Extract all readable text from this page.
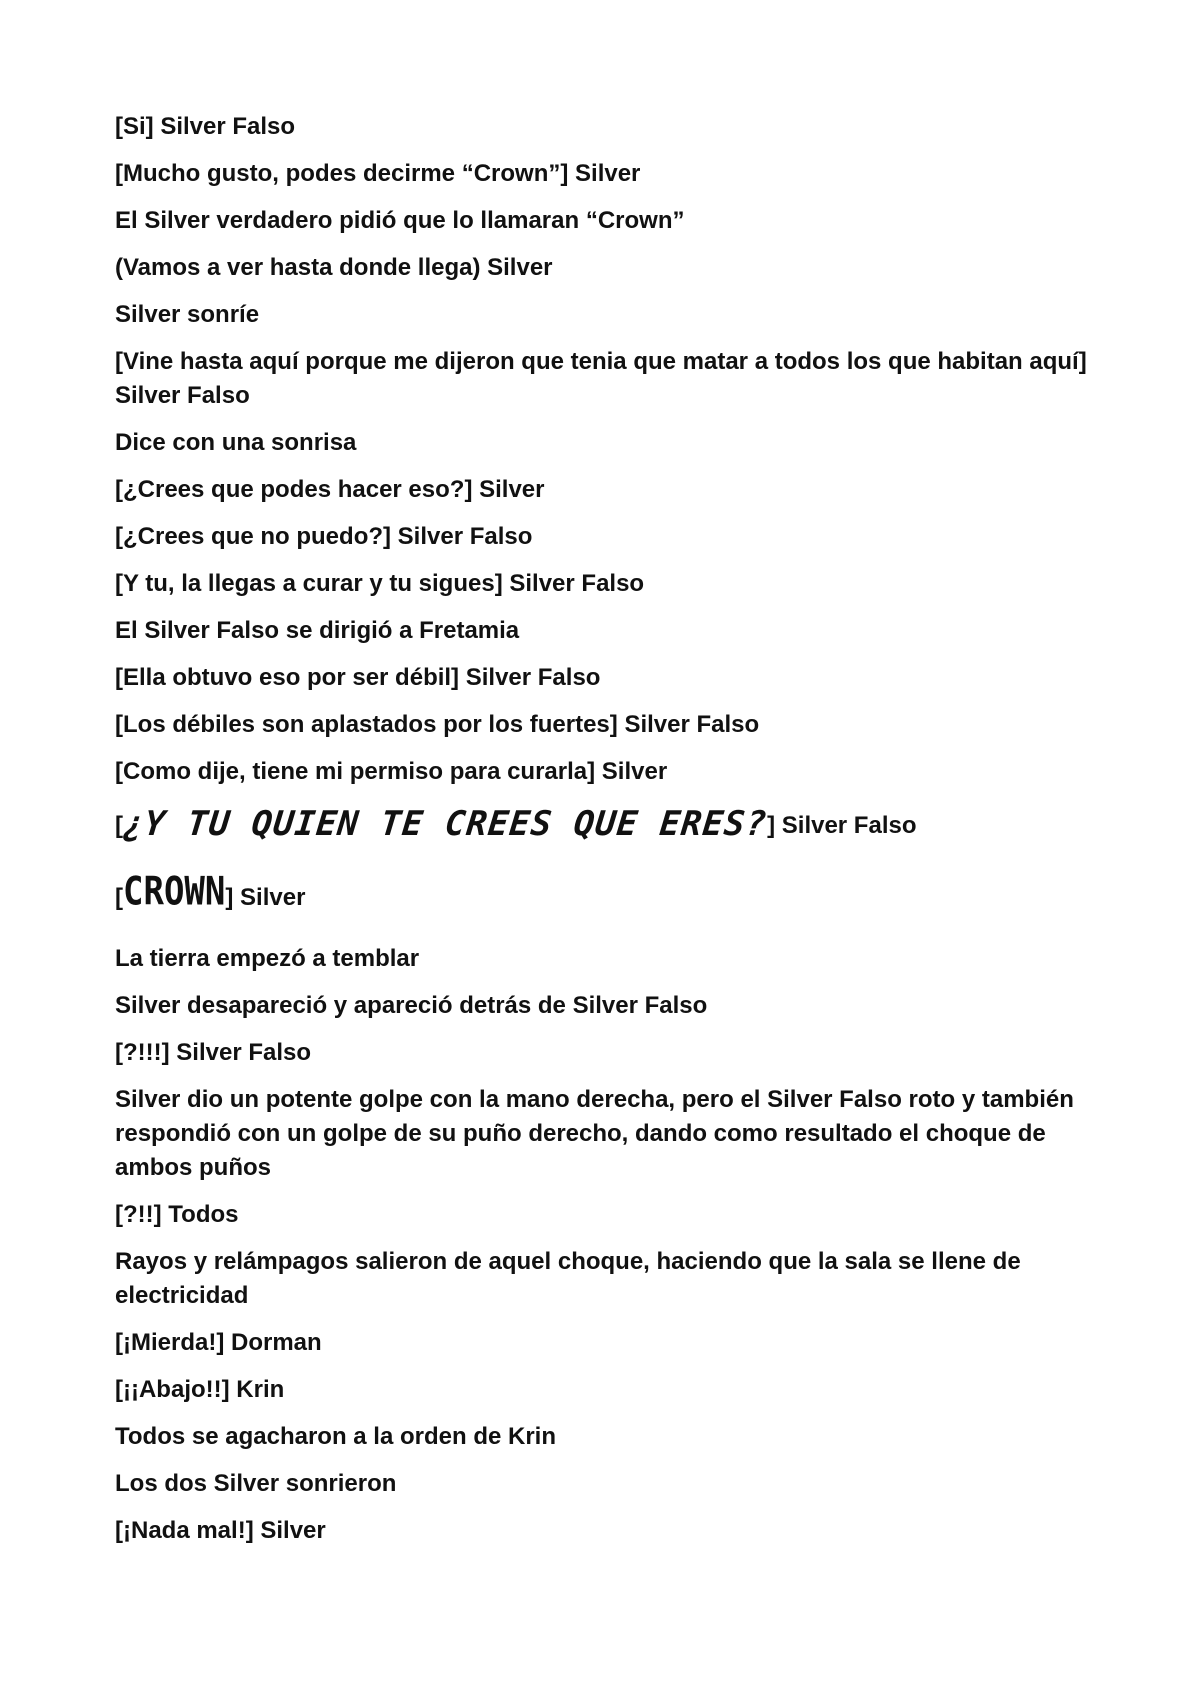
[Si] Silver Falso
[Mucho gusto, podes decirme “Crown”] Silver
El Silver verdadero pidió que lo llamaran “Crown”
(Vamos a ver hasta donde llega) Silver
Silver sonríe
[Vine hasta aquí porque me dijeron que tenia que matar a todos los que habitan aquí] Silver Falso
Dice con una sonrisa
[¿Crees que podes hacer eso?] Silver
[¿Crees que no puedo?] Silver Falso
[Y tu, la llegas a curar y tu sigues] Silver Falso
El Silver Falso se dirigió a Fretamia
[Ella obtuvo eso por ser débil] Silver Falso
[Los débiles son aplastados por los fuertes] Silver Falso
[Como dije, tiene mi permiso para curarla] Silver
[¿Y TU QUIEN TE CREES QUE ERES?] Silver Falso
[CROWN] Silver
La tierra empezó a temblar
Silver desapareció y apareció detrás de Silver Falso
[?!!!] Silver Falso
Silver dio un potente golpe con la mano derecha, pero el Silver Falso roto y también respondió con un golpe de su puño derecho, dando como resultado el choque de ambos puños
[?!!] Todos
Rayos y relámpagos salieron de aquel choque, haciendo que la sala se llene de electricidad
[¡Mierda!] Dorman
[¡¡Abajo!!] Krin
Todos se agacharon a la orden de Krin
Los dos Silver sonrieron
[¡Nada mal!] Silver
